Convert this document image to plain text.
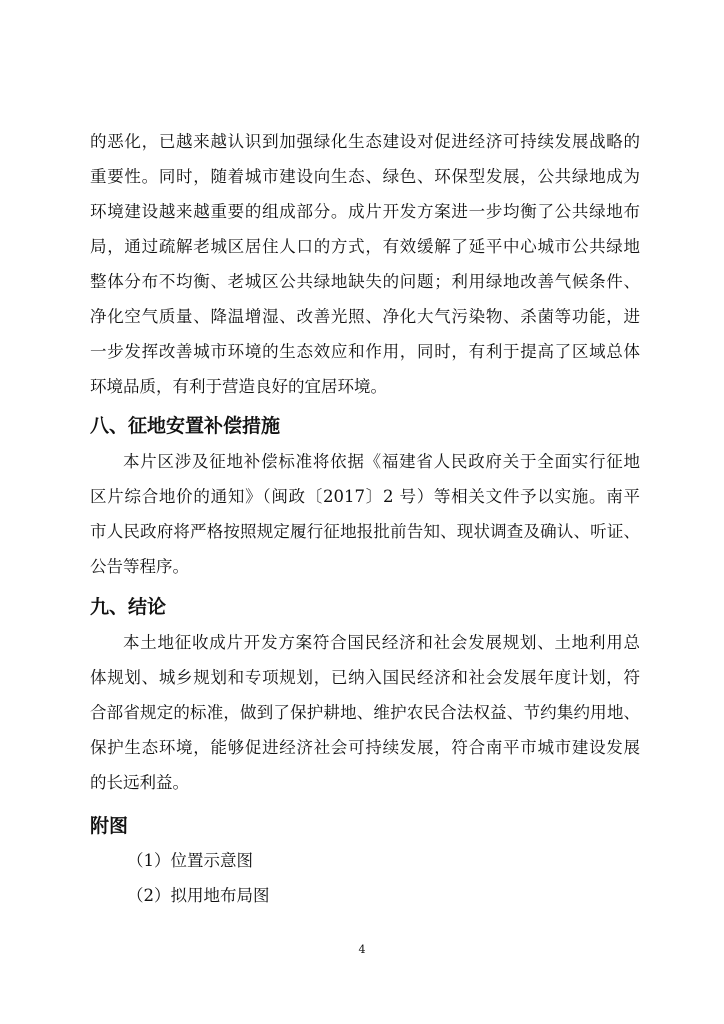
的恶化，已越来越认识到加强绿化生态建设对促进经济可持续发展战略的
重要性。同时，随着城市建设向生态、绿色、环保型发展，公共绿地成为
环境建设越来越重要的组成部分。成片开发方案进一步均衡了公共绿地布
局，通过疏解老城区居住人口的方式，有效缓解了延平中心城市公共绿地
整体分布不均衡、老城区公共绿地缺失的问题；利用绿地改善气候条件、
净化空气质量、降温增湿、改善光照、净化大气污染物、杀菌等功能，进
一步发挥改善城市环境的生态效应和作用，同时，有利于提高了区域总体
环境品质，有利于营造良好的宜居环境。
八、征地安置补偿措施
本片区涉及征地补偿标准将依据《福建省人民政府关于全面实行征地
区片综合地价的通知》（闽政〔2017〕2 号）等相关文件予以实施。南平
市人民政府将严格按照规定履行征地报批前告知、现状调查及确认、听证、
公告等程序。
九、结论
本土地征收成片开发方案符合国民经济和社会发展规划、土地利用总
体规划、城乡规划和专项规划，已纳入国民经济和社会发展年度计划，符
合部省规定的标准，做到了保护耕地、维护农民合法权益、节约集约用地、
保护生态环境，能够促进经济社会可持续发展，符合南平市城市建设发展
的长远利益。
附图
（1）位置示意图
（2）拟用地布局图
4
